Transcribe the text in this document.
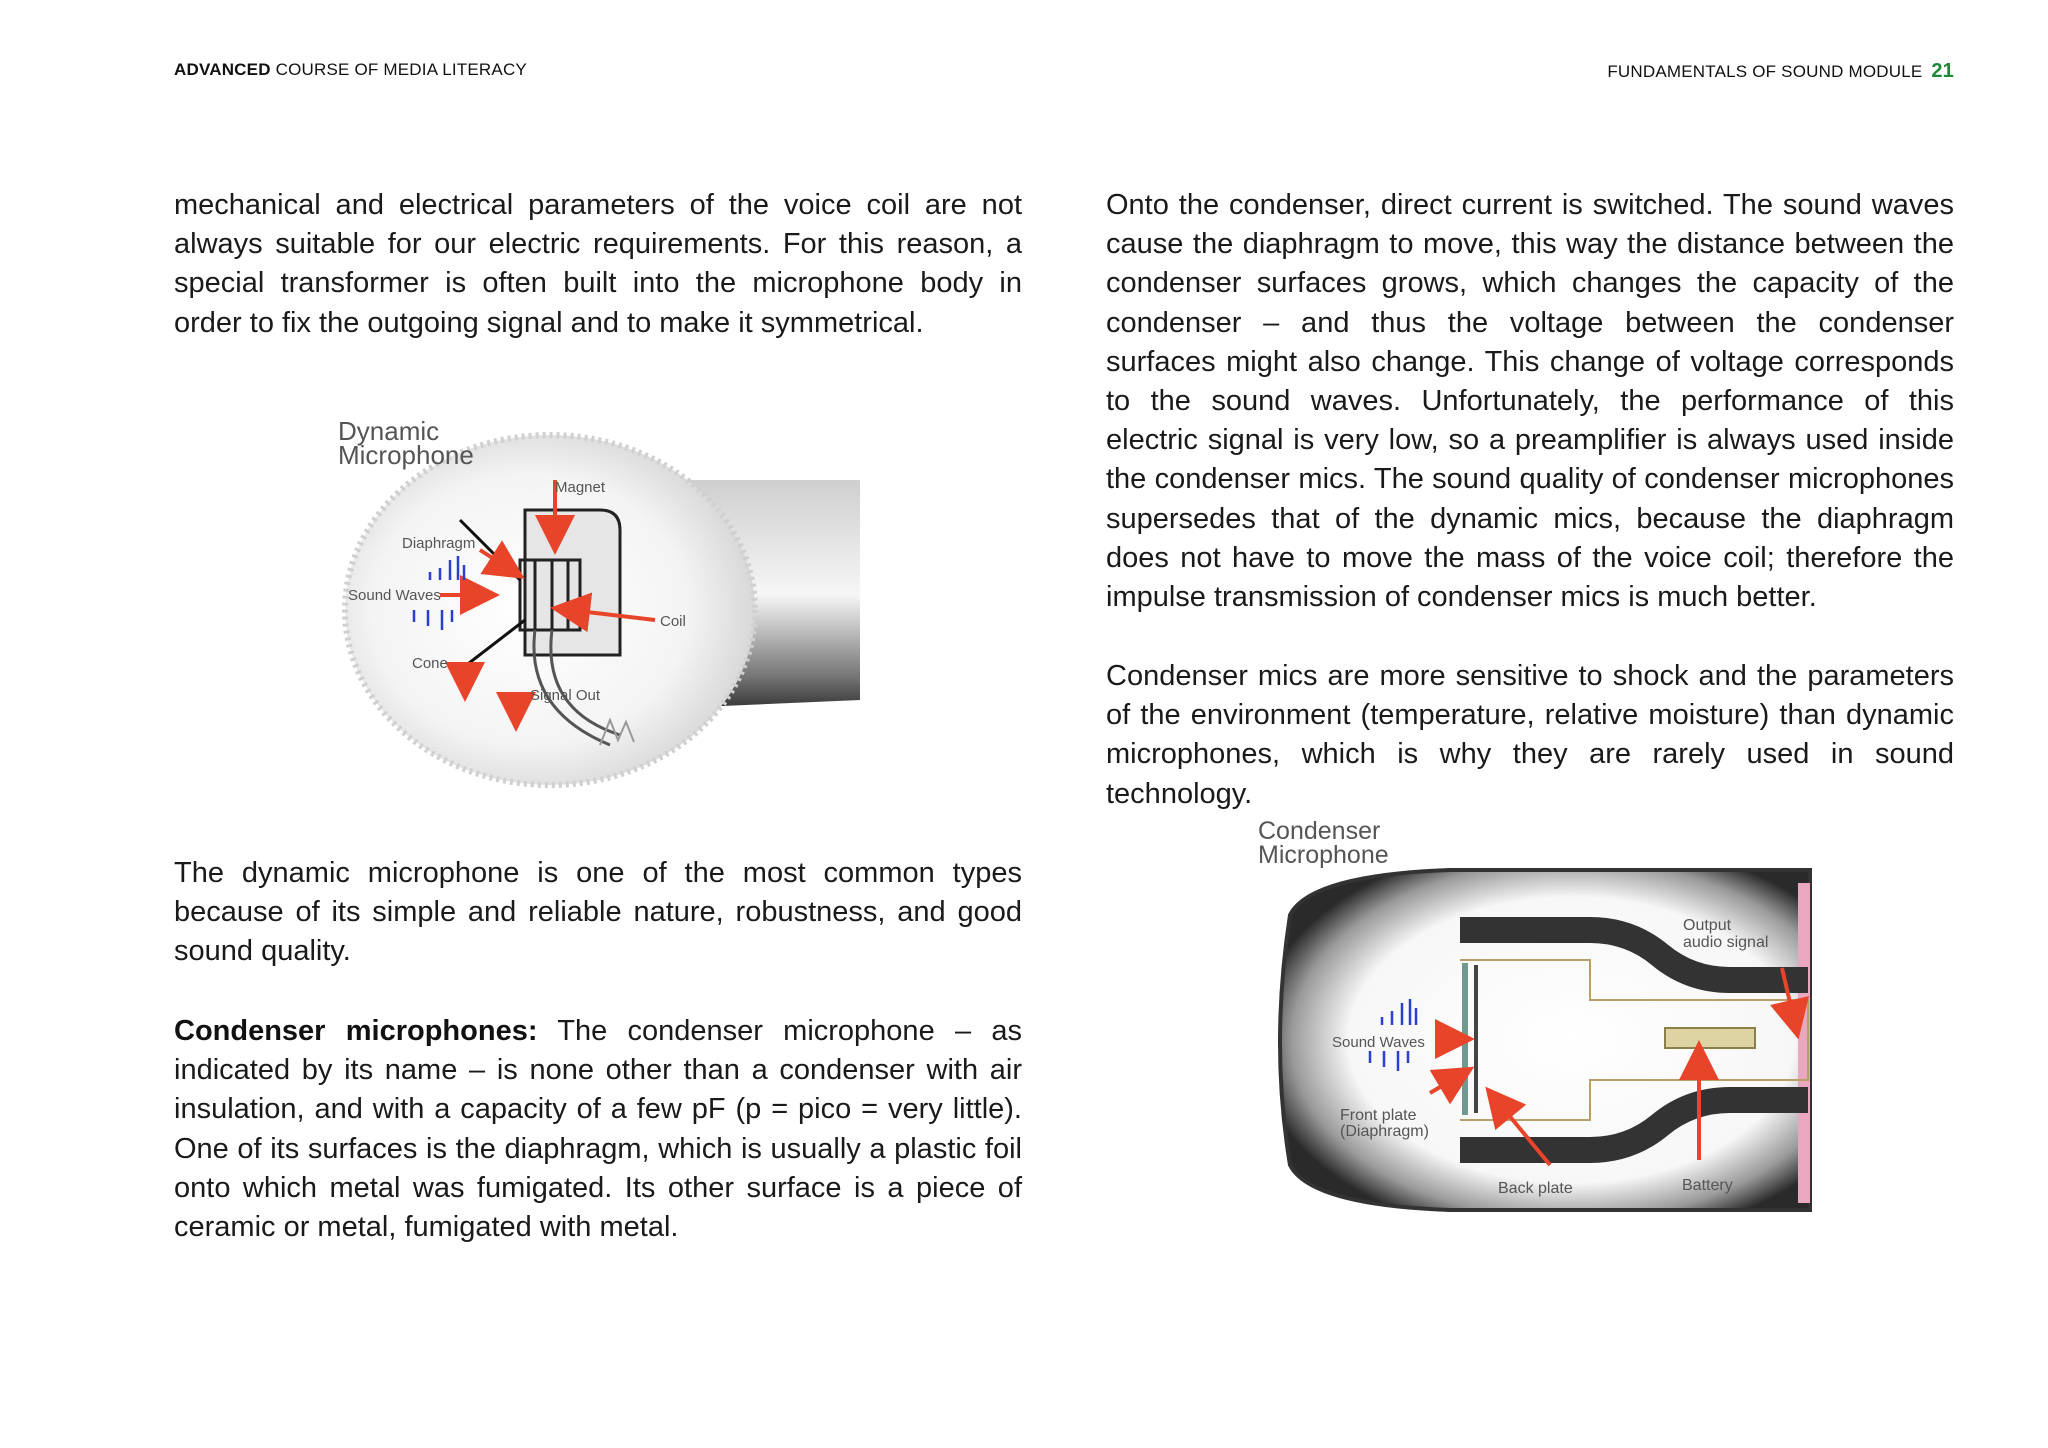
ADVANCED COURSE OF MEDIA LITERACY	FUNDAMENTALS OF SOUND MODULE 21

mechanical and electrical parameters of the voice coil are not always suitable for our electric requirements. For this reason, a special transformer is often built into the microphone body in order to fix the outgoing signal and to make it symmetrical.

Dynamic
Microphone
Magnet
Diaphragm
Sound Waves
Coil
Cone
Signal Out

The dynamic microphone is one of the most common types because of its simple and reliable nature, robustness, and good sound quality.

Condenser microphones: The condenser microphone – as indicated by its name – is none other than a condenser with air insulation, and with a capacity of a few pF (p = pico = very little). One of its surfaces is the diaphragm, which is usually a plastic foil onto which metal was fumigated. Its other surface is a piece of ceramic or metal, fumigated with metal.

Onto the condenser, direct current is switched. The sound waves cause the diaphragm to move, this way the distance between the condenser surfaces grows, which changes the capacity of the condenser – and thus the voltage between the condenser surfaces might also change. This change of voltage corresponds to the sound waves. Unfortunately, the performance of this electric signal is very low, so a preamplifier is always used inside the condenser mics. The sound quality of condenser microphones supersedes that of the dynamic mics, because the diaphragm does not have to move the mass of the voice coil; therefore the impulse transmission of condenser mics is much better.

Condenser mics are more sensitive to shock and the parameters of the environment (temperature, relative moisture) than dynamic microphones, which is why they are rarely used in sound technology.

Condenser
Microphone
Output
audio signal
Sound Waves
Front plate
(Diaphragm)
Back plate	Battery
